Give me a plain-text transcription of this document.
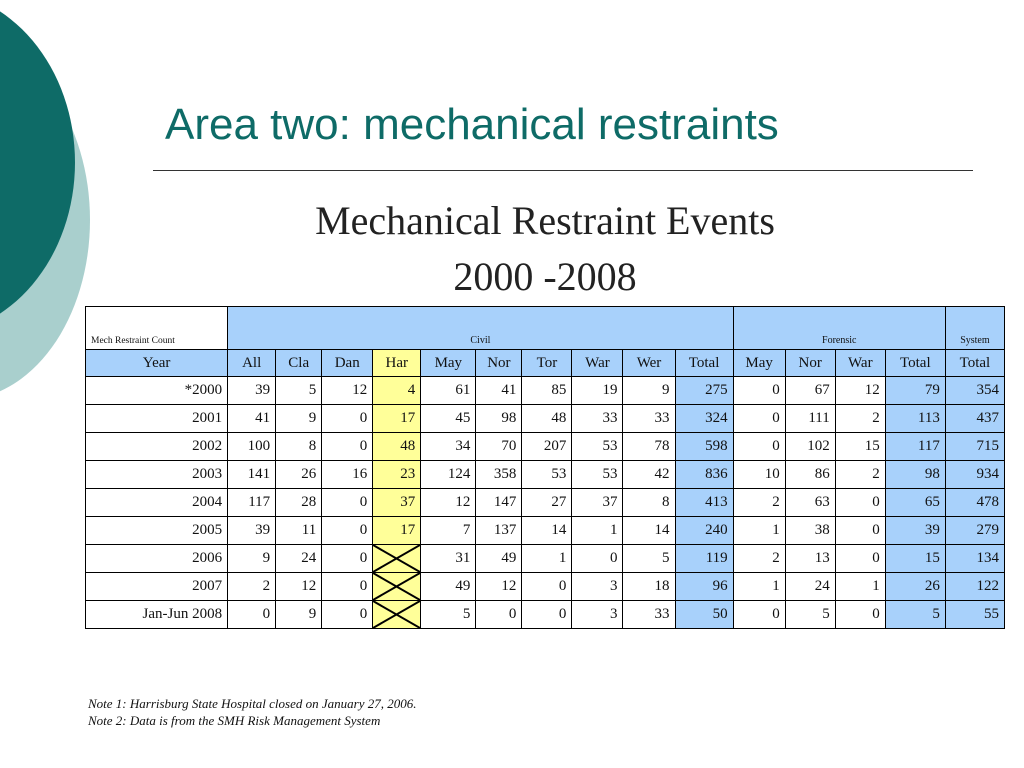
Area two: mechanical restraints
Mechanical Restraint Events
2000 -2008
Mech Restraint Count	Civil										Forensic				System
Year	All	Cla	Dan	Har	May	Nor	Tor	War	Wer	Total	May	Nor	War	Total	Total
*2000	39	5	12	4	61	41	85	19	9	275	0	67	12	79	354
2001	41	9	0	17	45	98	48	33	33	324	0	111	2	113	437
2002	100	8	0	48	34	70	207	53	78	598	0	102	15	117	715
2003	141	26	16	23	124	358	53	53	42	836	10	86	2	98	934
2004	117	28	0	37	12	147	27	37	8	413	2	63	0	65	478
2005	39	11	0	17	7	137	14	1	14	240	1	38	0	39	279
2006	9	24	0		31	49	1	0	5	119	2	13	0	15	134
2007	2	12	0		49	12	0	3	18	96	1	24	1	26	122
Jan-Jun 2008	0	9	0		5	0	0	3	33	50	0	5	0	5	55
Note 1: Harrisburg State Hospital closed on January 27, 2006.
Note 2: Data is from the SMH Risk Management System
